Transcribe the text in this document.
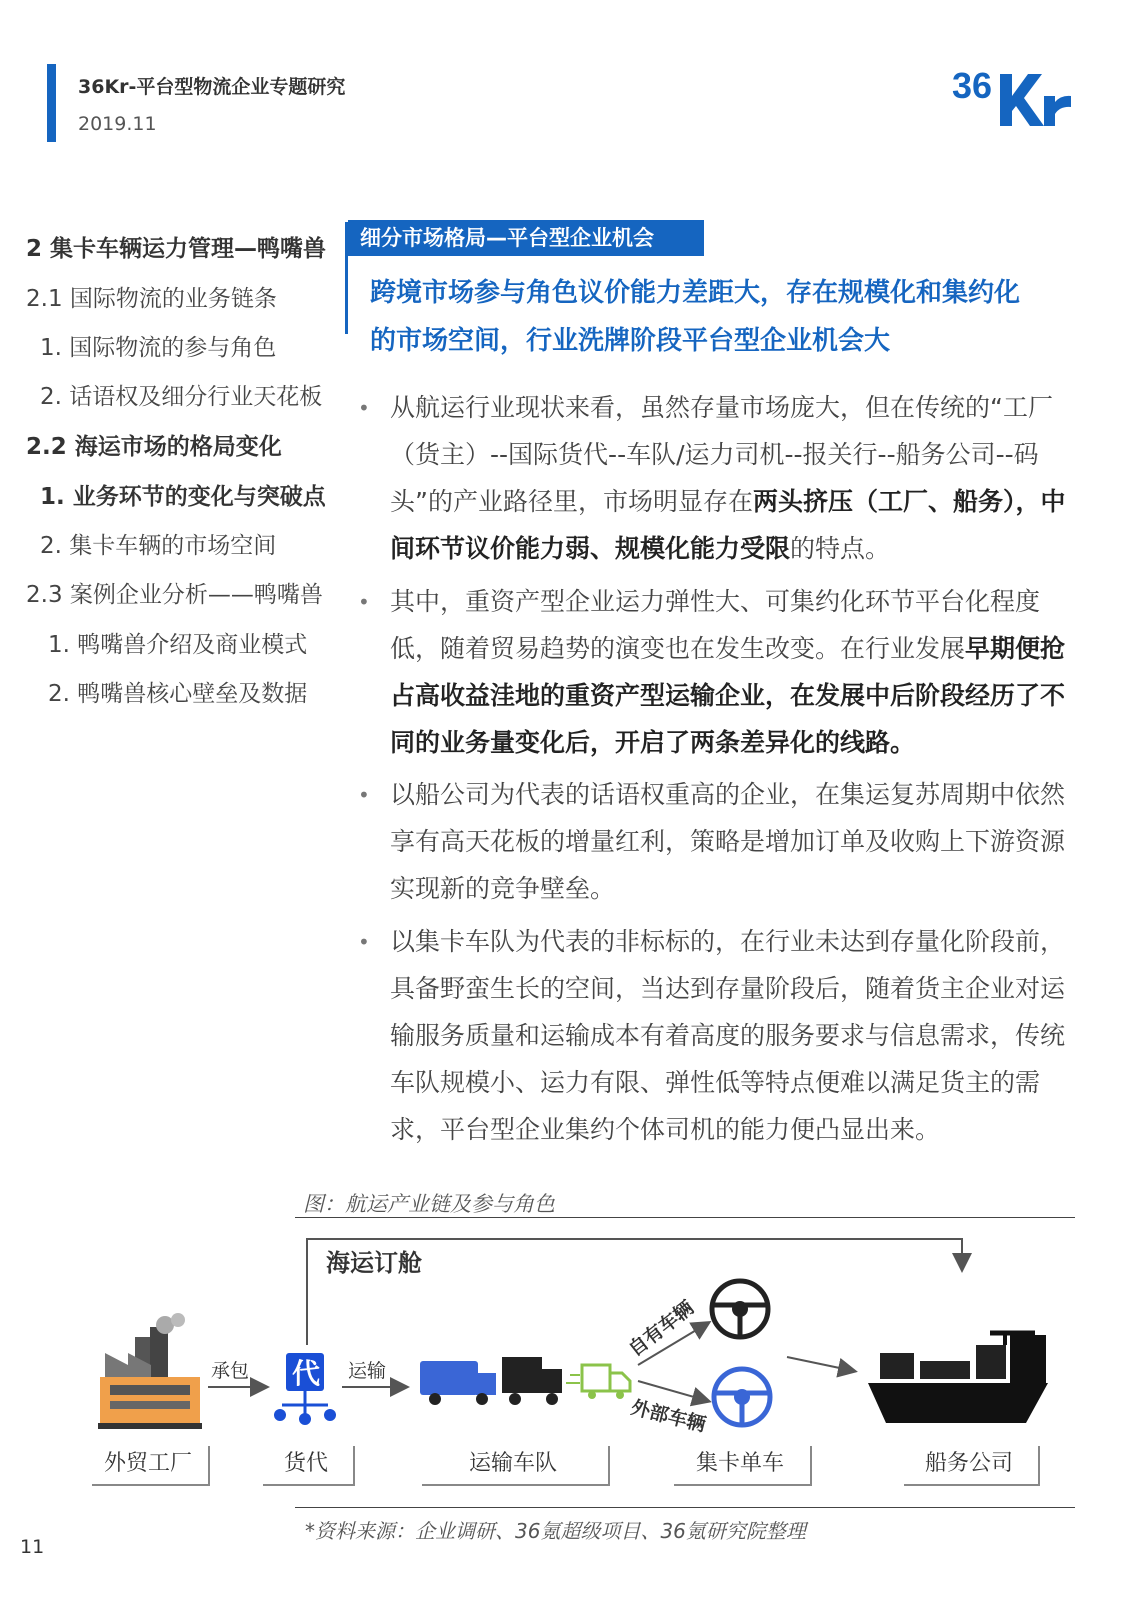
36Kr-平台型物流企业专题研究
2019.11
36
2 集卡车辆运力管理—鸭嘴兽
2.1 国际物流的业务链条
1. 国际物流的参与角色
2. 话语权及细分行业天花板
2.2 海运市场的格局变化
1. 业务环节的变化与突破点
2. 集卡车辆的市场空间
2.3 案例企业分析——鸭嘴兽
1. 鸭嘴兽介绍及商业模式
2. 鸭嘴兽核心壁垒及数据
细分市场格局—平台型企业机会
跨境市场参与角色议价能力差距大，存在规模化和集约化
的市场空间，行业洗牌阶段平台型企业机会大
• 从航运行业现状来看，虽然存量市场庞大，但在传统的“工厂（货主）--国际货代--车队/运力司机--报关行--船务公司--码头”的产业路径里，市场明显存在两头挤压（工厂、船务），中间环节议价能力弱、规模化能力受限的特点。
• 其中，重资产型企业运力弹性大、可集约化环节平台化程度低，随着贸易趋势的演变也在发生改变。在行业发展早期便抢占高收益洼地的重资产型运输企业，在发展中后阶段经历了不同的业务量变化后，开启了两条差异化的线路。
• 以船公司为代表的话语权重高的企业，在集运复苏周期中依然享有高天花板的增量红利，策略是增加订单及收购上下游资源实现新的竞争壁垒。
• 以集卡车队为代表的非标标的，在行业未达到存量化阶段前，具备野蛮生长的空间，当达到存量阶段后，随着货主企业对运输服务质量和运输成本有着高度的服务要求与信息需求，传统车队规模小、运力有限、弹性低等特点便难以满足货主的需求，平台型企业集约个体司机的能力便凸显出来。
图：航运产业链及参与角色
海运订舱
承包 代 运输
自有车辆
外部车辆
外贸工厂	货代	运输车队	集卡单车	船务公司
*资料来源：企业调研、36氪超级项目、36氪研究院整理
11
